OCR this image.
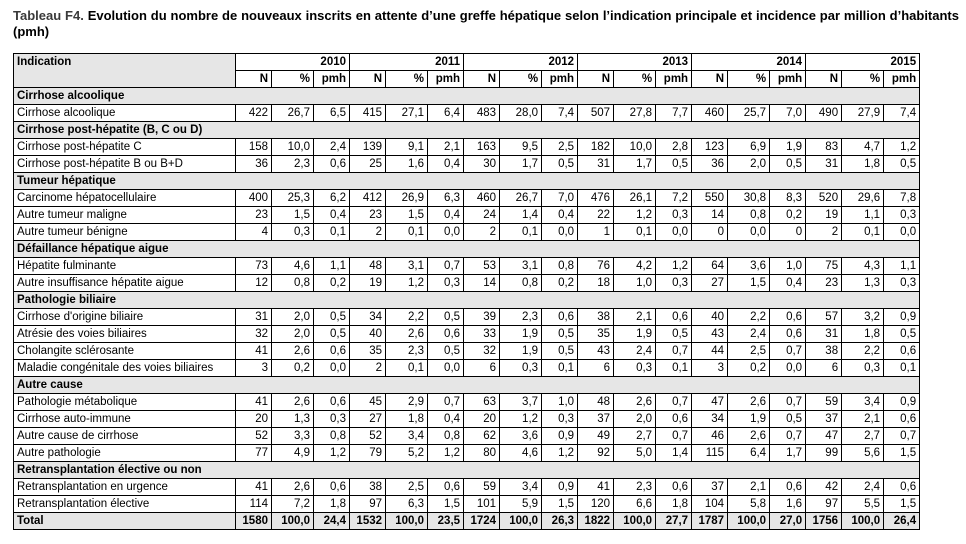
Tableau F4. Evolution du nombre de nouveaux inscrits en attente d’une greffe hépatique selon l’indication principale et incidence par million d’habitants (pmh)
Indication	2010			2011			2012			2013			2014			2015		
	N	%	pmh	N	%	pmh	N	%	pmh	N	%	pmh	N	%	pmh	N	%	pmh
Cirrhose alcoolique																		
Cirrhose alcoolique	422	26,7	6,5	415	27,1	6,4	483	28,0	7,4	507	27,8	7,7	460	25,7	7,0	490	27,9	7,4
Cirrhose post-hépatite (B, C ou D)																		
Cirrhose post-hépatite C	158	10,0	2,4	139	9,1	2,1	163	9,5	2,5	182	10,0	2,8	123	6,9	1,9	83	4,7	1,2
Cirrhose post-hépatite B ou B+D	36	2,3	0,6	25	1,6	0,4	30	1,7	0,5	31	1,7	0,5	36	2,0	0,5	31	1,8	0,5
Tumeur hépatique																		
Carcinome hépatocellulaire	400	25,3	6,2	412	26,9	6,3	460	26,7	7,0	476	26,1	7,2	550	30,8	8,3	520	29,6	7,8
Autre tumeur maligne	23	1,5	0,4	23	1,5	0,4	24	1,4	0,4	22	1,2	0,3	14	0,8	0,2	19	1,1	0,3
Autre tumeur bénigne	4	0,3	0,1	2	0,1	0,0	2	0,1	0,0	1	0,1	0,0	0	0,0	0	2	0,1	0,0
Défaillance hépatique aigue																		
Hépatite fulminante	73	4,6	1,1	48	3,1	0,7	53	3,1	0,8	76	4,2	1,2	64	3,6	1,0	75	4,3	1,1
Autre insuffisance hépatite aigue	12	0,8	0,2	19	1,2	0,3	14	0,8	0,2	18	1,0	0,3	27	1,5	0,4	23	1,3	0,3
Pathologie biliaire																		
Cirrhose d'origine biliaire	31	2,0	0,5	34	2,2	0,5	39	2,3	0,6	38	2,1	0,6	40	2,2	0,6	57	3,2	0,9
Atrésie des voies biliaires	32	2,0	0,5	40	2,6	0,6	33	1,9	0,5	35	1,9	0,5	43	2,4	0,6	31	1,8	0,5
Cholangite sclérosante	41	2,6	0,6	35	2,3	0,5	32	1,9	0,5	43	2,4	0,7	44	2,5	0,7	38	2,2	0,6
Maladie congénitale des voies biliaires	3	0,2	0,0	2	0,1	0,0	6	0,3	0,1	6	0,3	0,1	3	0,2	0,0	6	0,3	0,1
Autre cause																		
Pathologie métabolique	41	2,6	0,6	45	2,9	0,7	63	3,7	1,0	48	2,6	0,7	47	2,6	0,7	59	3,4	0,9
Cirrhose auto-immune	20	1,3	0,3	27	1,8	0,4	20	1,2	0,3	37	2,0	0,6	34	1,9	0,5	37	2,1	0,6
Autre cause de cirrhose	52	3,3	0,8	52	3,4	0,8	62	3,6	0,9	49	2,7	0,7	46	2,6	0,7	47	2,7	0,7
Autre pathologie	77	4,9	1,2	79	5,2	1,2	80	4,6	1,2	92	5,0	1,4	115	6,4	1,7	99	5,6	1,5
Retransplantation élective ou non																		
Retransplantation en urgence	41	2,6	0,6	38	2,5	0,6	59	3,4	0,9	41	2,3	0,6	37	2,1	0,6	42	2,4	0,6
Retransplantation élective	114	7,2	1,8	97	6,3	1,5	101	5,9	1,5	120	6,6	1,8	104	5,8	1,6	97	5,5	1,5
Total	1580	100,0	24,4	1532	100,0	23,5	1724	100,0	26,3	1822	100,0	27,7	1787	100,0	27,0	1756	100,0	26,4
